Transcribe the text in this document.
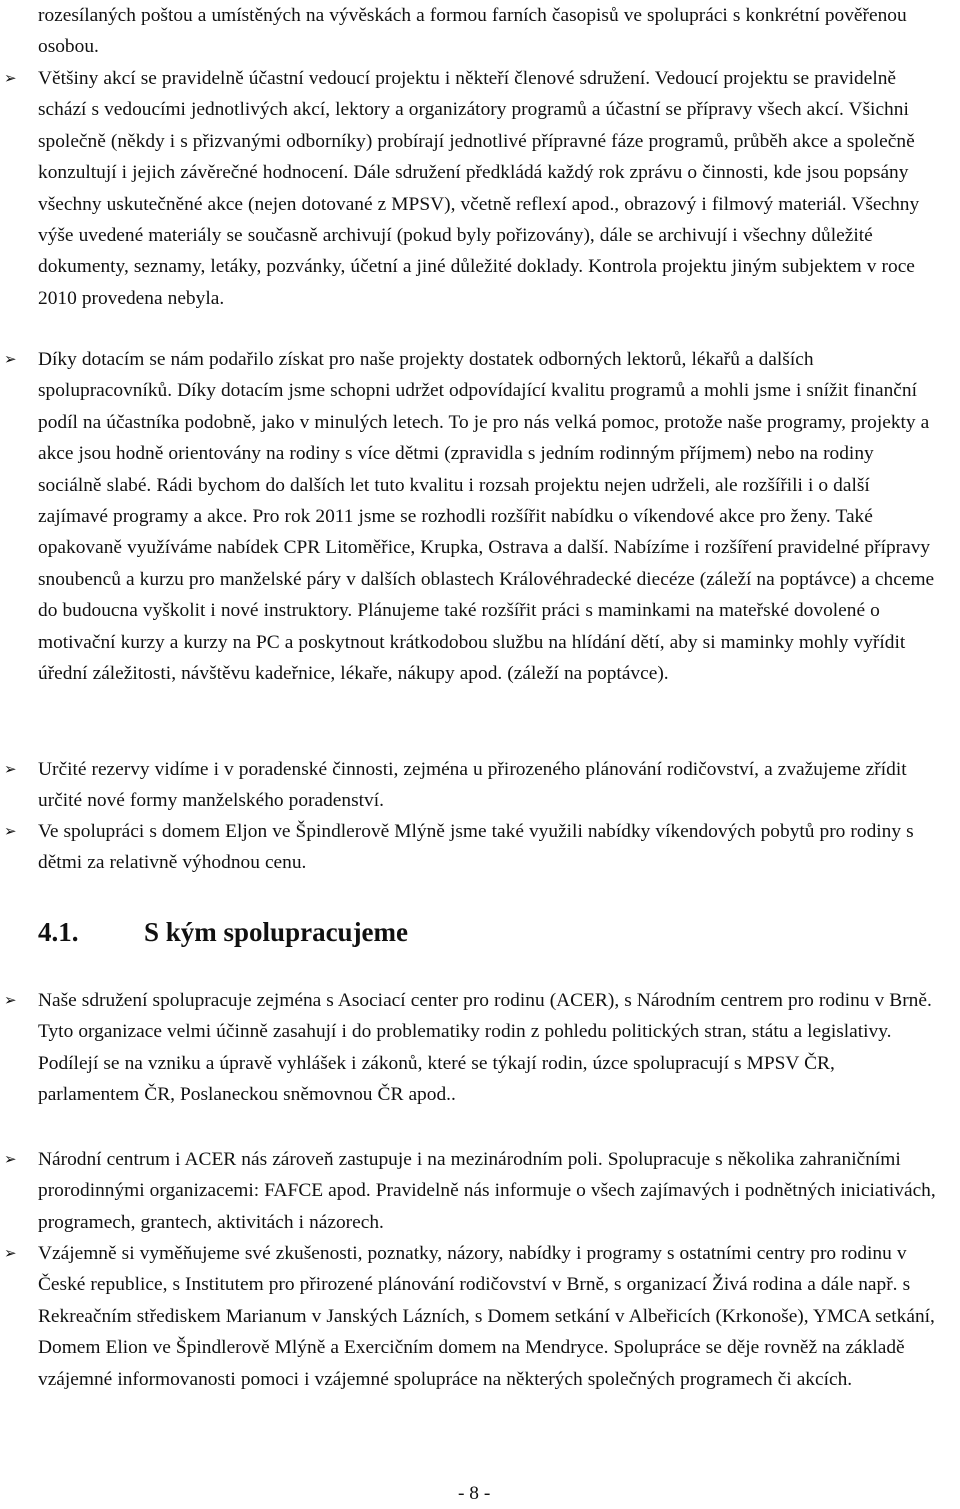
rozesílaných poštou a umístěných na vývěskách a formou farních časopisů ve spolupráci s konkrétní pověřenou osobou.

➢ Většiny akcí se pravidelně účastní vedoucí projektu i někteří členové sdružení. Vedoucí projektu se pravidelně schází s vedoucími jednotlivých akcí, lektory a organizátory programů a účastní se přípravy všech akcí. Všichni společně (někdy i s přizvanými odborníky) probírají jednotlivé přípravné fáze programů, průběh akce a společně konzultují i jejich závěrečné hodnocení. Dále sdružení předkládá každý rok zprávu o činnosti, kde jsou popsány všechny uskutečněné akce (nejen dotované z MPSV), včetně reflexí apod., obrazový i filmový materiál. Všechny výše uvedené materiály se současně archivují (pokud byly pořizovány), dále se archivují i všechny důležité dokumenty, seznamy, letáky, pozvánky, účetní a jiné důležité doklady. Kontrola projektu jiným subjektem v roce 2010 provedena nebyla.

➢ Díky dotacím se nám podařilo získat pro naše projekty dostatek odborných lektorů, lékařů a dalších spolupracovníků. Díky dotacím jsme schopni udržet odpovídající kvalitu programů a mohli jsme i snížit finanční podíl na účastníka podobně, jako v minulých letech. To je pro nás velká pomoc, protože naše programy, projekty a akce jsou hodně orientovány na rodiny s více dětmi (zpravidla s jedním rodinným příjmem) nebo na rodiny sociálně slabé. Rádi bychom do dalších let tuto kvalitu i rozsah projektu nejen udrželi, ale rozšířili i o další zajímavé programy a akce. Pro rok 2011 jsme se rozhodli rozšířit nabídku o víkendové akce pro ženy. Také opakovaně využíváme nabídek CPR Litoměřice, Krupka, Ostrava a další. Nabízíme i rozšíření pravidelné přípravy snoubenců a kurzu pro manželské páry v dalších oblastech Královéhradecké diecéze (záleží na poptávce) a chceme do budoucna vyškolit i nové instruktory. Plánujeme také rozšířit práci s maminkami na mateřské dovolené o motivační kurzy a kurzy na PC a poskytnout krátkodobou službu na hlídání dětí, aby si maminky mohly vyřídit úřední záležitosti, návštěvu kadeřnice, lékaře, nákupy apod. (záleží na poptávce).

➢ Určité rezervy vidíme i v poradenské činnosti, zejména u přirozeného plánování rodičovství, a zvažujeme zřídit určité nové formy manželského poradenství.

➢ Ve spolupráci s domem Eljon ve Špindlerově Mlýně jsme také využili nabídky víkendových pobytů pro rodiny s dětmi za relativně výhodnou cenu.

4.1. S kým spolupracujeme

➢ Naše sdružení spolupracuje zejména s Asociací center pro rodinu (ACER), s Národním centrem pro rodinu v Brně. Tyto organizace velmi účinně zasahují i do problematiky rodin z pohledu politických stran, státu a legislativy. Podílejí se na vzniku a úpravě vyhlášek i zákonů, které se týkají rodin, úzce spolupracují s MPSV ČR, parlamentem ČR, Poslaneckou sněmovnou ČR apod..

➢ Národní centrum i ACER nás zároveň zastupuje i na mezinárodním poli. Spolupracuje s několika zahraničními prorodinnými organizacemi: FAFCE apod. Pravidelně nás informuje o všech zajímavých i podnětných iniciativách, programech, grantech, aktivitách i názorech.

➢ Vzájemně si vyměňujeme své zkušenosti, poznatky, názory, nabídky i programy s ostatními centry pro rodinu v České republice, s Institutem pro přirozené plánování rodičovství v Brně, s organizací Živá rodina a dále např. s Rekreačním střediskem Marianum v Janských Lázních, s Domem setkání v Albeřicích (Krkonoše), YMCA setkání, Domem Elion ve Špindlerově Mlýně a Exercičním domem na Mendryce. Spolupráce se děje rovněž na základě vzájemné informovanosti pomoci i vzájemné spolupráce na některých společných programech či akcích.

- 8 -
